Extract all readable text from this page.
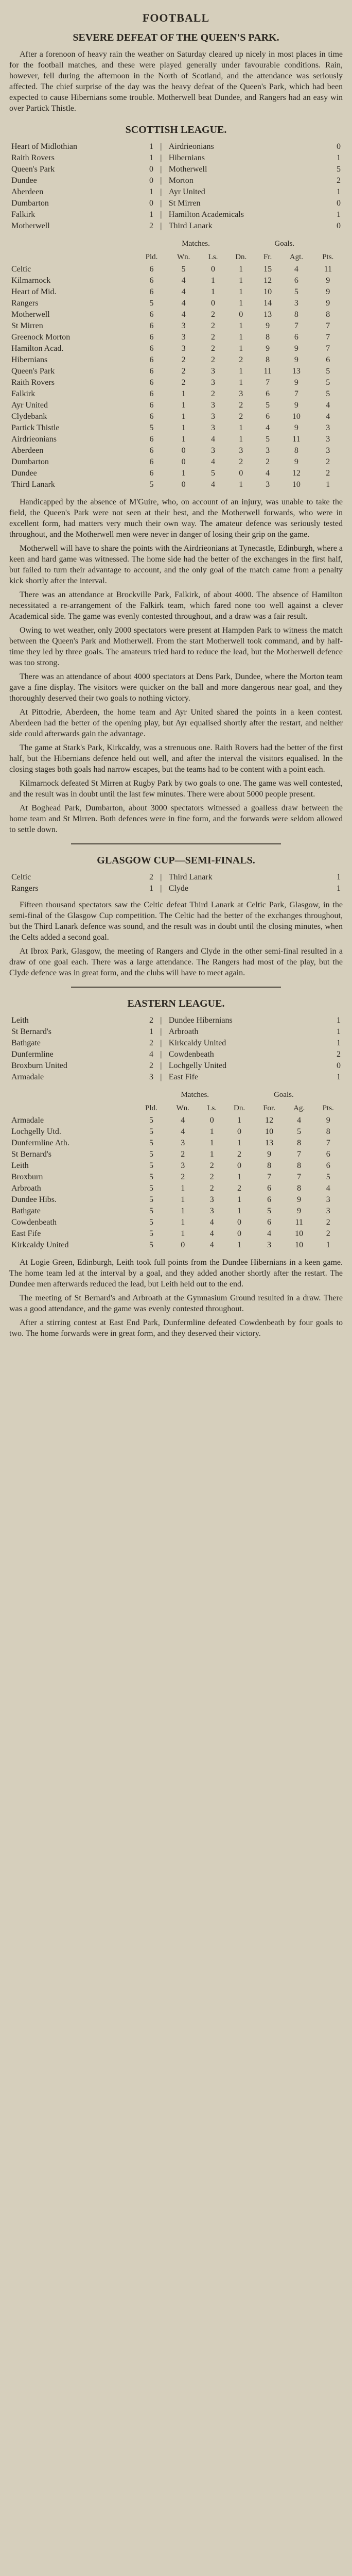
FOOTBALL
SEVERE DEFEAT OF THE QUEEN'S PARK.

After a forenoon of heavy rain the weather on Saturday cleared up nicely in most places in time for the football matches, and these were played generally under favourable conditions. Rain, however, fell during the afternoon in the North of Scotland, and the attendance was seriously affected. The chief surprise of the day was the heavy defeat of the Queen's Park, which had been expected to cause Hibernians some trouble. Motherwell beat Dundee, and Rangers had an easy win over Partick Thistle.

SCOTTISH LEAGUE.
Heart of Midlothian	1	|	Airdrieonians	0
Raith Rovers	1	|	Hibernians	1
Queen's Park	0	|	Motherwell	5
Dundee	0	|	Morton	2
Aberdeen	1	|	Ayr United	1
Dumbarton	0	|	St Mirren	0
Falkirk	1	|	Hamilton Academicals	1
Motherwell	2	|	Third Lanark	0
	Matches.				Goals.		
	Pld.	Wn.	Ls.	Dn.	Fr.	Agt.	Pts.
Celtic	6	5	0	1	15	4	11
Kilmarnock	6	4	1	1	12	6	9
Heart of Mid.	6	4	1	1	10	5	9
Rangers	5	4	0	1	14	3	9
Motherwell	6	4	2	0	13	8	8
St Mirren	6	3	2	1	9	7	7
Greenock Morton	6	3	2	1	8	6	7
Hamilton Acad.	6	3	2	1	9	9	7
Hibernians	6	2	2	2	8	9	6
Queen's Park	6	2	3	1	11	13	5
Raith Rovers	6	2	3	1	7	9	5
Falkirk	6	1	2	3	6	7	5
Ayr United	6	1	3	2	5	9	4
Clydebank	6	1	3	2	6	10	4
Partick Thistle	5	1	3	1	4	9	3
Airdrieonians	6	1	4	1	5	11	3
Aberdeen	6	0	3	3	3	8	3
Dumbarton	6	0	4	2	2	9	2
Dundee	6	1	5	0	4	12	2
Third Lanark	5	0	4	1	3	10	1

Handicapped by the absence of M'Guire, who, on account of an injury, was unable to take the field, the Queen's Park were not seen at their best, and the Motherwell forwards, who were in excellent form, had matters very much their own way. The amateur defence was seriously tested throughout, and the Motherwell men were never in danger of losing their grip on the game.

Motherwell will have to share the points with the Airdrieonians at Tynecastle, Edinburgh, where a keen and hard game was witnessed. The home side had the better of the exchanges in the first half, but failed to turn their advantage to account, and the only goal of the match came from a penalty kick shortly after the interval.

There was an attendance at Brockville Park, Falkirk, of about 4000. The absence of Hamilton necessitated a re-arrangement of the Falkirk team, which fared none too well against a clever Academical side. The game was evenly contested throughout, and a draw was a fair result.

Owing to wet weather, only 2000 spectators were present at Hampden Park to witness the match between the Queen's Park and Motherwell. From the start Motherwell took command, and by half-time they led by three goals. The amateurs tried hard to reduce the lead, but the Motherwell defence was too strong.

There was an attendance of about 4000 spectators at Dens Park, Dundee, where the Morton team gave a fine display. The visitors were quicker on the ball and more dangerous near goal, and they thoroughly deserved their two goals to nothing victory.

At Pittodrie, Aberdeen, the home team and Ayr United shared the points in a keen contest. Aberdeen had the better of the opening play, but Ayr equalised shortly after the restart, and neither side could afterwards gain the advantage.

The game at Stark's Park, Kirkcaldy, was a strenuous one. Raith Rovers had the better of the first half, but the Hibernians defence held out well, and after the interval the visitors equalised. In the closing stages both goals had narrow escapes, but the teams had to be content with a point each.

Kilmarnock defeated St Mirren at Rugby Park by two goals to one. The game was well contested, and the result was in doubt until the last few minutes. There were about 5000 people present.

At Boghead Park, Dumbarton, about 3000 spectators witnessed a goalless draw between the home team and St Mirren. Both defences were in fine form, and the forwards were seldom allowed to settle down.

GLASGOW CUP—SEMI-FINALS.
Celtic	2	|	Third Lanark	1
Rangers	1	|	Clyde	1

Fifteen thousand spectators saw the Celtic defeat Third Lanark at Celtic Park, Glasgow, in the semi-final of the Glasgow Cup competition. The Celtic had the better of the exchanges throughout, but the Third Lanark defence was sound, and the result was in doubt until the closing minutes, when the Celts added a second goal.

At Ibrox Park, Glasgow, the meeting of Rangers and Clyde in the other semi-final resulted in a draw of one goal each. There was a large attendance. The Rangers had most of the play, but the Clyde defence was in great form, and the clubs will have to meet again.

EASTERN LEAGUE.
Leith	2	|	Dundee Hibernians	1
St Bernard's	1	|	Arbroath	1
Bathgate	2	|	Kirkcaldy United	1
Dunfermline	4	|	Cowdenbeath	2
Broxburn United	2	|	Lochgelly United	0
Armadale	3	|	East Fife	1
	Matches.				Goals.		
	Pld.	Wn.	Ls.	Dn.	For.	Ag.	Pts.
Armadale	5	4	0	1	12	4	9
Lochgelly Utd.	5	4	1	0	10	5	8
Dunfermline Ath.	5	3	1	1	13	8	7
St Bernard's	5	2	1	2	9	7	6
Leith	5	3	2	0	8	8	6
Broxburn	5	2	2	1	7	7	5
Arbroath	5	1	2	2	6	8	4
Dundee Hibs.	5	1	3	1	6	9	3
Bathgate	5	1	3	1	5	9	3
Cowdenbeath	5	1	4	0	6	11	2
East Fife	5	1	4	0	4	10	2
Kirkcaldy United	5	0	4	1	3	10	1

At Logie Green, Edinburgh, Leith took full points from the Dundee Hibernians in a keen game. The home team led at the interval by a goal, and they added another shortly after the restart. The Dundee men afterwards reduced the lead, but Leith held out to the end.

The meeting of St Bernard's and Arbroath at the Gymnasium Ground resulted in a draw. There was a good attendance, and the game was evenly contested throughout.

After a stirring contest at East End Park, Dunfermline defeated Cowdenbeath by four goals to two. The home forwards were in great form, and they deserved their victory.
